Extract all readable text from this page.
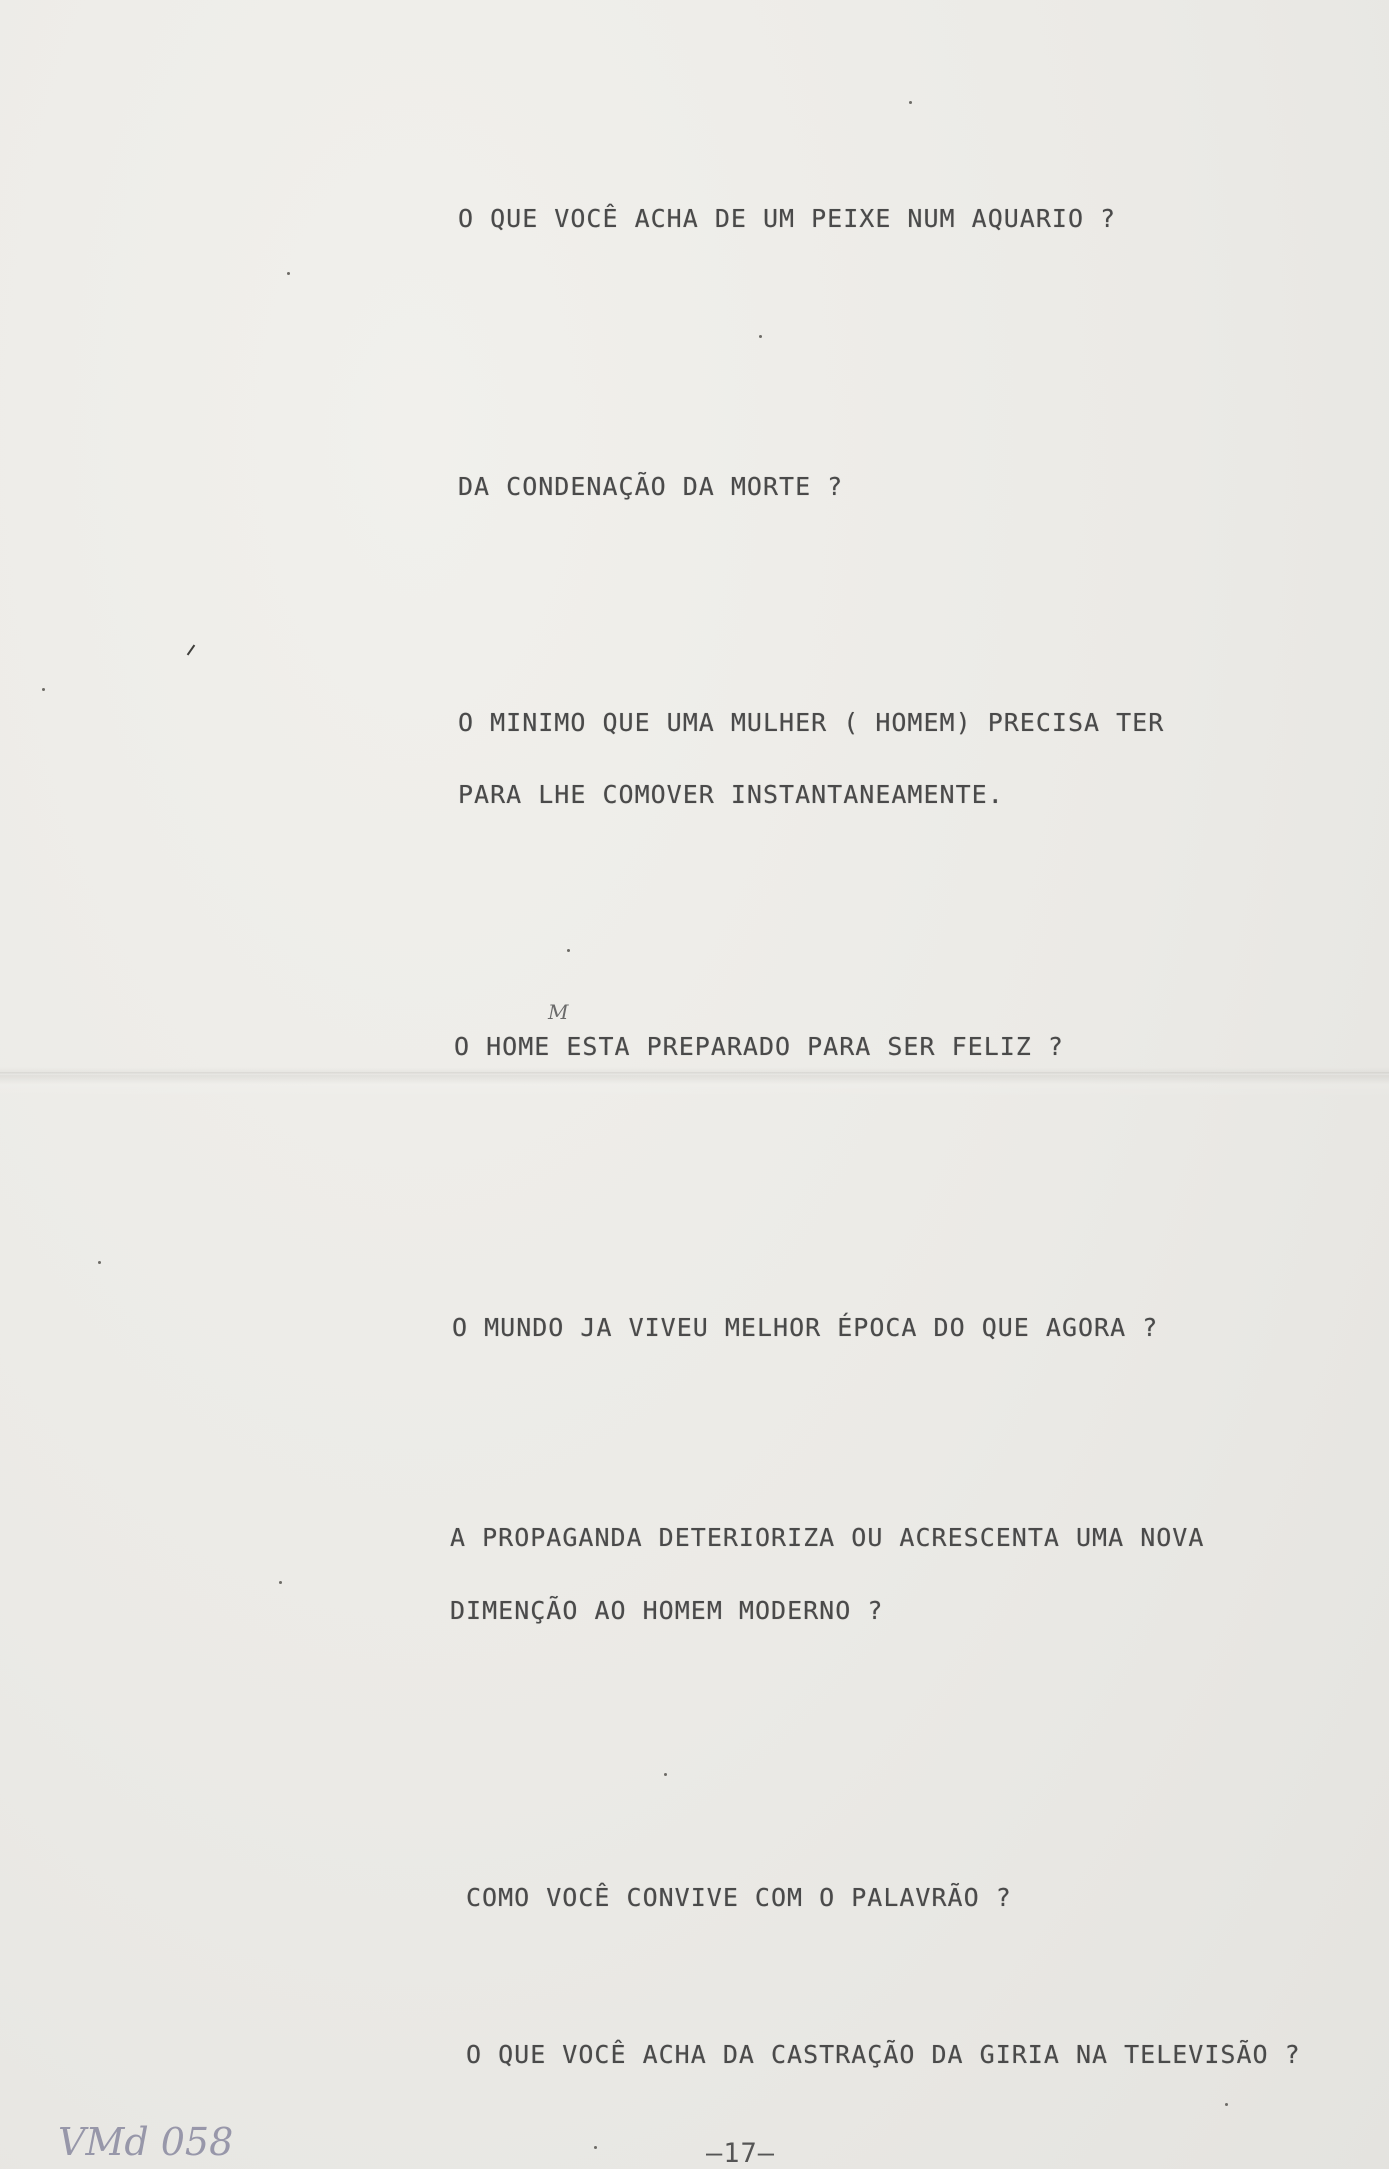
O QUE VOCÊ ACHA DE UM PEIXE NUM AQUARIO ?
DA CONDENAÇÃO DA MORTE ?
O MINIMO QUE UMA MULHER ( HOMEM) PRECISA TER
PARA LHE COMOVER INSTANTANEAMENTE.
M
O HOME ESTA PREPARADO PARA SER FELIZ ?
O MUNDO JA VIVEU MELHOR ÉPOCA DO QUE AGORA ?
A PROPAGANDA DETERIORIZA OU ACRESCENTA UMA NOVA
DIMENÇÃO AO HOMEM MODERNO ?
COMO VOCÊ CONVIVE COM O PALAVRÃO ?
O QUE VOCÊ ACHA DA CASTRAÇÃO DA GIRIA NA TELEVISÃO ?
VMd 058	—17—
